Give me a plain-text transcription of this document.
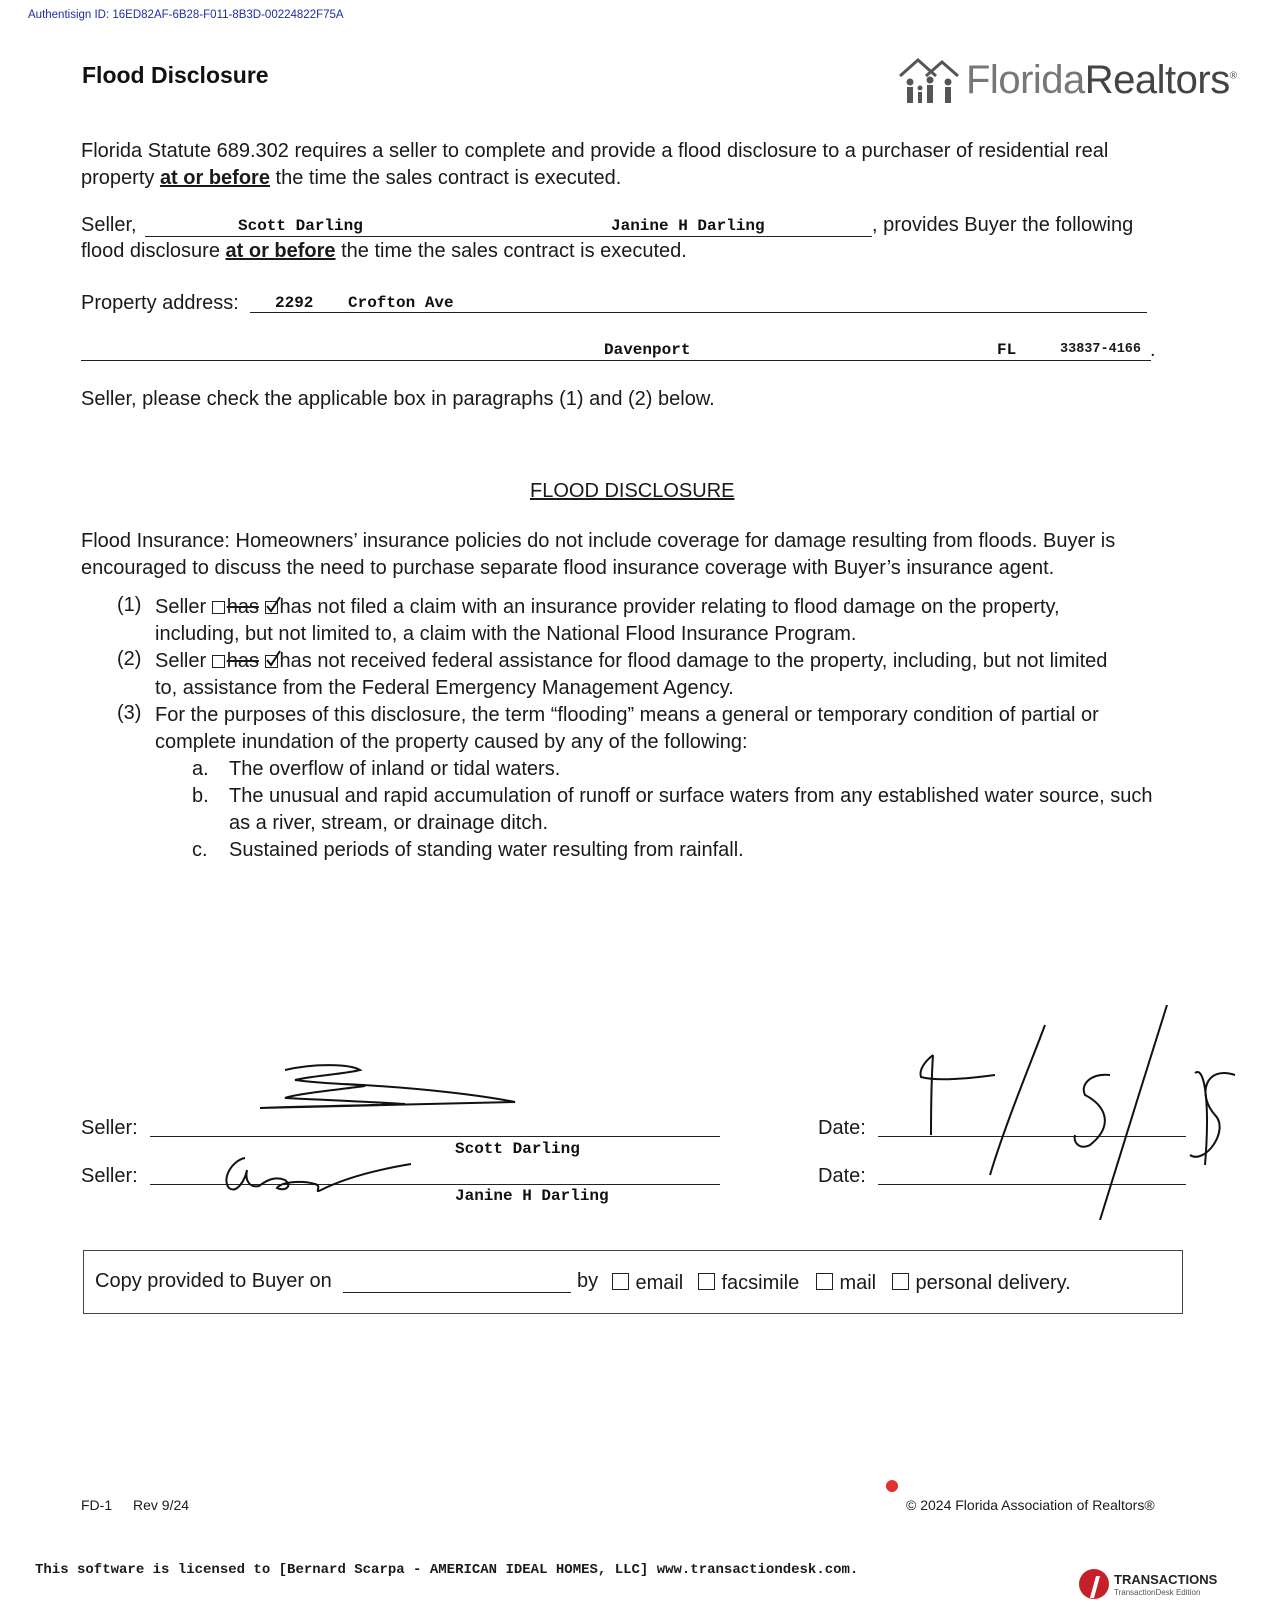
Authentisign ID: 16ED82AF-6B28-F011-8B3D-00224822F75A
Flood Disclosure	FloridaRealtors®
Florida Statute 689.302 requires a seller to complete and provide a flood disclosure to a purchaser of residential real
property at or before the time the sales contract is executed.
Seller,	Scott Darling	Janine H Darling	, provides Buyer the following
flood disclosure at or before the time the sales contract is executed.
Property address: 2292 Crofton Ave
Davenport	FL	33837-4166 .
Seller, please check the applicable box in paragraphs (1) and (2) below.
FLOOD DISCLOSURE
Flood Insurance: Homeowners’ insurance policies do not include coverage for damage resulting from floods. Buyer is
encouraged to discuss the need to purchase separate flood insurance coverage with Buyer’s insurance agent.
(1) Seller has has not filed a claim with an insurance provider relating to flood damage on the property,
including, but not limited to, a claim with the National Flood Insurance Program.
(2) Seller has has not received federal assistance for flood damage to the property, including, but not limited
to, assistance from the Federal Emergency Management Agency.
(3) For the purposes of this disclosure, the term “flooding” means a general or temporary condition of partial or
complete inundation of the property caused by any of the following:
a. The overflow of inland or tidal waters.
b. The unusual and rapid accumulation of runoff or surface waters from any established water source, such
as a river, stream, or drainage ditch.
c. Sustained periods of standing water resulting from rainfall.
Seller:
Seller:
Scott Darling
Janine H Darling
Date:
Date:
Copy provided to Buyer on	by	email	facsimile	mail	personal delivery.
FD-1 Rev 9/24	© 2024 Florida Association of Realtors®
This software is licensed to [Bernard Scarpa - AMERICAN IDEAL HOMES, LLC] www.transactiondesk.com.
TRANSACTIONS
TransactionDesk Edition
